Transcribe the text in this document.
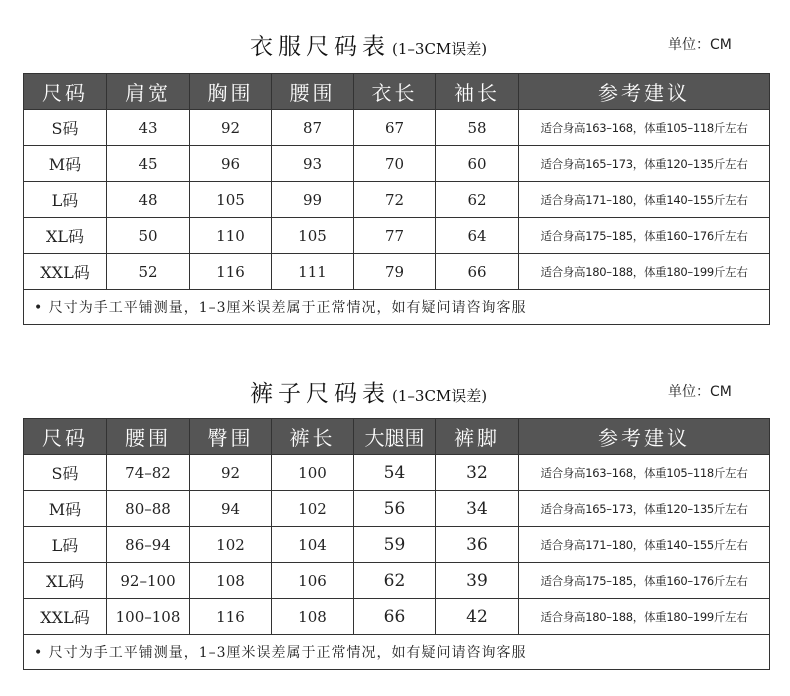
衣服尺码表 (1–3CM误差)	单位：CM
尺码	肩宽	胸围	腰围	衣长	袖长	参考建议
S码	43	92	87	67	58	适合身高163–168，体重105–118斤左右
M码	45	96	93	70	60	适合身高165–173，体重120–135斤左右
L码	48	105	99	72	62	适合身高171–180，体重140–155斤左右
XL码	50	110	105	77	64	适合身高175–185，体重160–176斤左右
XXL码	52	116	111	79	66	适合身高180–188，体重180–199斤左右
• 尺寸为手工平铺测量，1–3厘米误差属于正常情况，如有疑问请咨询客服						
裤子尺码表 (1–3CM误差)	单位：CM
尺码	腰围	臀围	裤长	大腿围	裤脚	参考建议
S码	74–82	92	100	54	32	适合身高163–168，体重105–118斤左右
M码	80–88	94	102	56	34	适合身高165–173，体重120–135斤左右
L码	86–94	102	104	59	36	适合身高171–180，体重140–155斤左右
XL码	92–100	108	106	62	39	适合身高175–185，体重160–176斤左右
XXL码	100–108	116	108	66	42	适合身高180–188，体重180–199斤左右
• 尺寸为手工平铺测量，1–3厘米误差属于正常情况，如有疑问请咨询客服						
